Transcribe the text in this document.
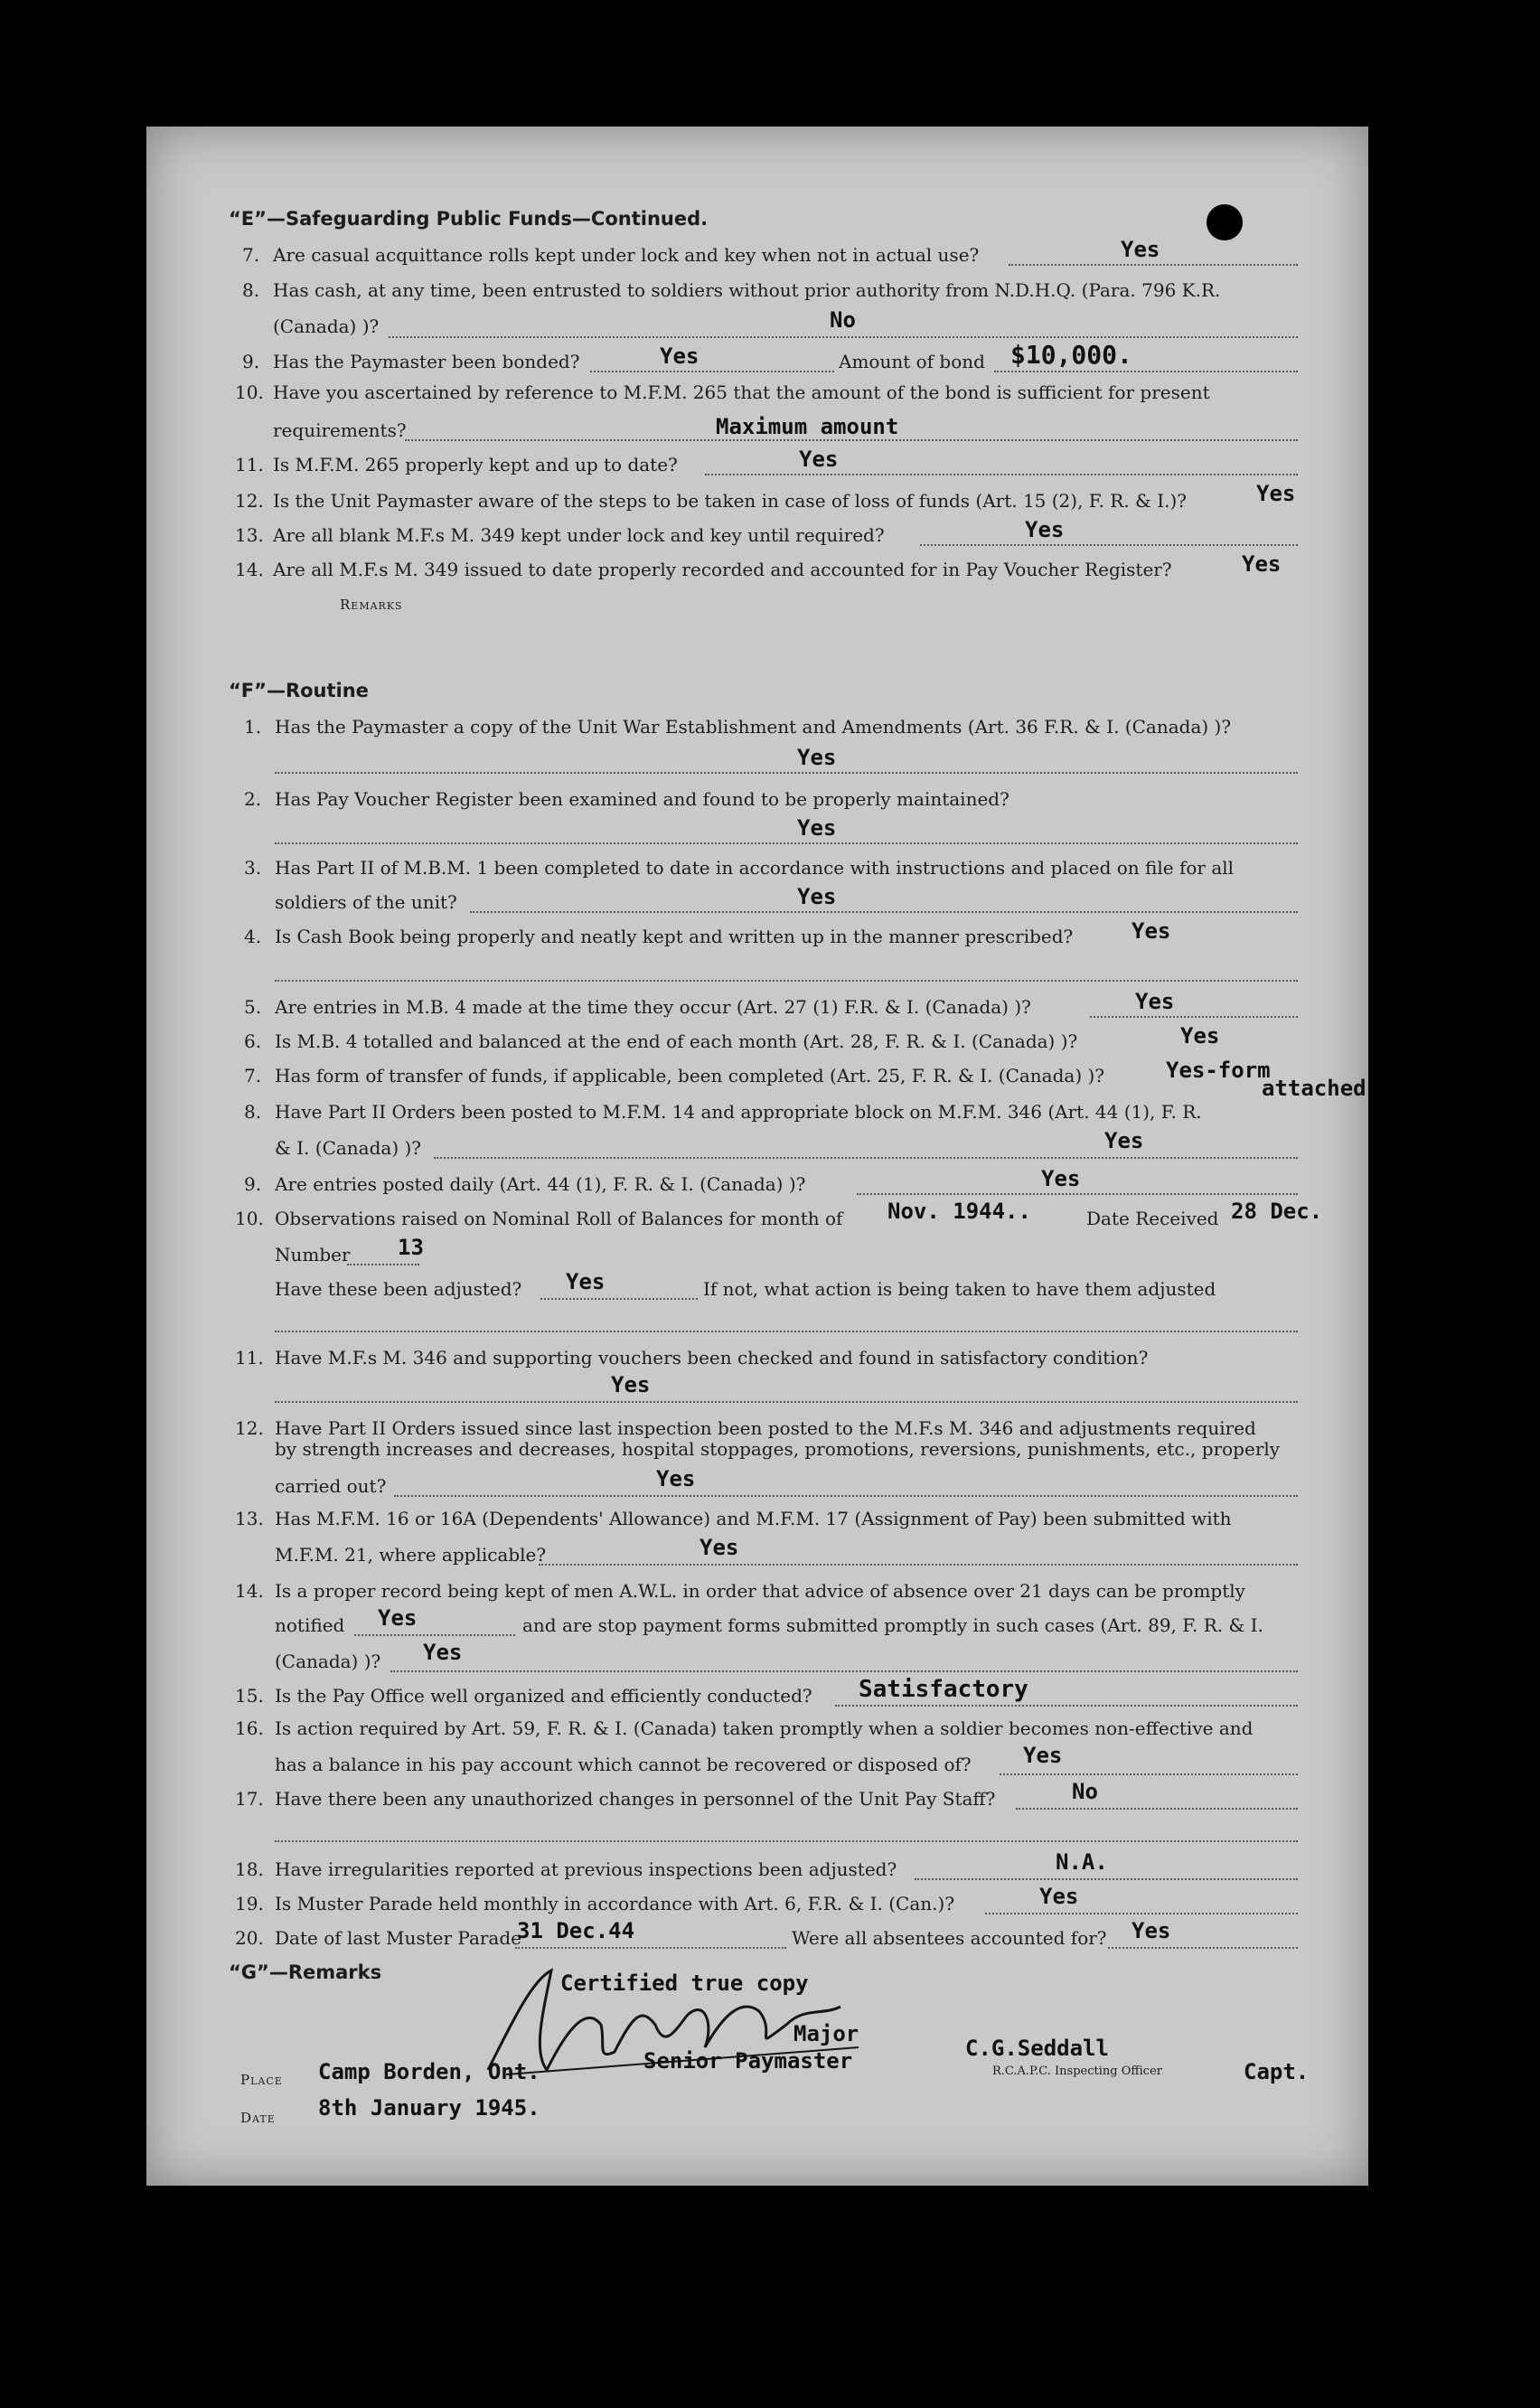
“E”—Safeguarding Public Funds—Continued.
7. Are casual acquittance rolls kept under lock and key when not in actual use?	Yes
8. Has cash, at any time, been entrusted to soldiers without prior authority from N.D.H.Q. (Para. 796 K.R.
(Canada) )?	No
9. Has the Paymaster been bonded?	Yes	Amount of bond $10,000.
10. Have you ascertained by reference to M.F.M. 265 that the amount of the bond is sufficient for present
requirements?	Maximum amount
11. Is M.F.M. 265 properly kept and up to date?	Yes
12. Is the Unit Paymaster aware of the steps to be taken in case of loss of funds (Art. 15 (2), F. R. & I.)?	Yes
13. Are all blank M.F.s M. 349 kept under lock and key until required?	Yes
14. Are all M.F.s M. 349 issued to date properly recorded and accounted for in Pay Voucher Register?	Yes
Remarks
“F”—Routine
1. Has the Paymaster a copy of the Unit War Establishment and Amendments (Art. 36 F.R. & I. (Canada) )?
Yes
2. Has Pay Voucher Register been examined and found to be properly maintained?
Yes
3. Has Part II of M.B.M. 1 been completed to date in accordance with instructions and placed on file for all
soldiers of the unit?	Yes
4. Is Cash Book being properly and neatly kept and written up in the manner prescribed?	Yes
5. Are entries in M.B. 4 made at the time they occur (Art. 27 (1) F.R. & I. (Canada) )?	Yes
6. Is M.B. 4 totalled and balanced at the end of each month (Art. 28, F. R. & I. (Canada) )?	Yes
7. Has form of transfer of funds, if applicable, been completed (Art. 25, F. R. & I. (Canada) )?	Yes-form
attached
8. Have Part II Orders been posted to M.F.M. 14 and appropriate block on M.F.M. 346 (Art. 44 (1), F. R.
& I. (Canada) )?	Yes
9. Are entries posted daily (Art. 44 (1), F. R. & I. (Canada) )?	Yes
10. Observations raised on Nominal Roll of Balances for month of Nov. 1944..	Date Received 28 Dec.
Number 13
Have these been adjusted? Yes	If not, what action is being taken to have them adjusted
11. Have M.F.s M. 346 and supporting vouchers been checked and found in satisfactory condition?
Yes
12. Have Part II Orders issued since last inspection been posted to the M.F.s M. 346 and adjustments required
by strength increases and decreases, hospital stoppages, promotions, reversions, punishments, etc., properly
carried out?	Yes
13. Has M.F.M. 16 or 16A (Dependents' Allowance) and M.F.M. 17 (Assignment of Pay) been submitted with
M.F.M. 21, where applicable?	Yes
14. Is a proper record being kept of men A.W.L. in order that advice of absence over 21 days can be promptly
notified Yes	and are stop payment forms submitted promptly in such cases (Art. 89, F. R. & I.
(Canada) )? Yes
15. Is the Pay Office well organized and efficiently conducted? Satisfactory
16. Is action required by Art. 59, F. R. & I. (Canada) taken promptly when a soldier becomes non-effective and
has a balance in his pay account which cannot be recovered or disposed of? Yes
17. Have there been any unauthorized changes in personnel of the Unit Pay Staff?	No
18. Have irregularities reported at previous inspections been adjusted?	N.A.
19. Is Muster Parade held monthly in accordance with Art. 6, F.R. & I. (Can.)?	Yes
20. Date of last Muster Parade
31 Dec.44	Were all absentees accounted for? Yes
“G”—Remarks	Certified true copy
Major
Senior Paymaster	C.G.Seddall
R.C.A.P.C. Inspecting Officer	Capt.
Place Camp Borden, Ont.
Date 8th January 1945.
